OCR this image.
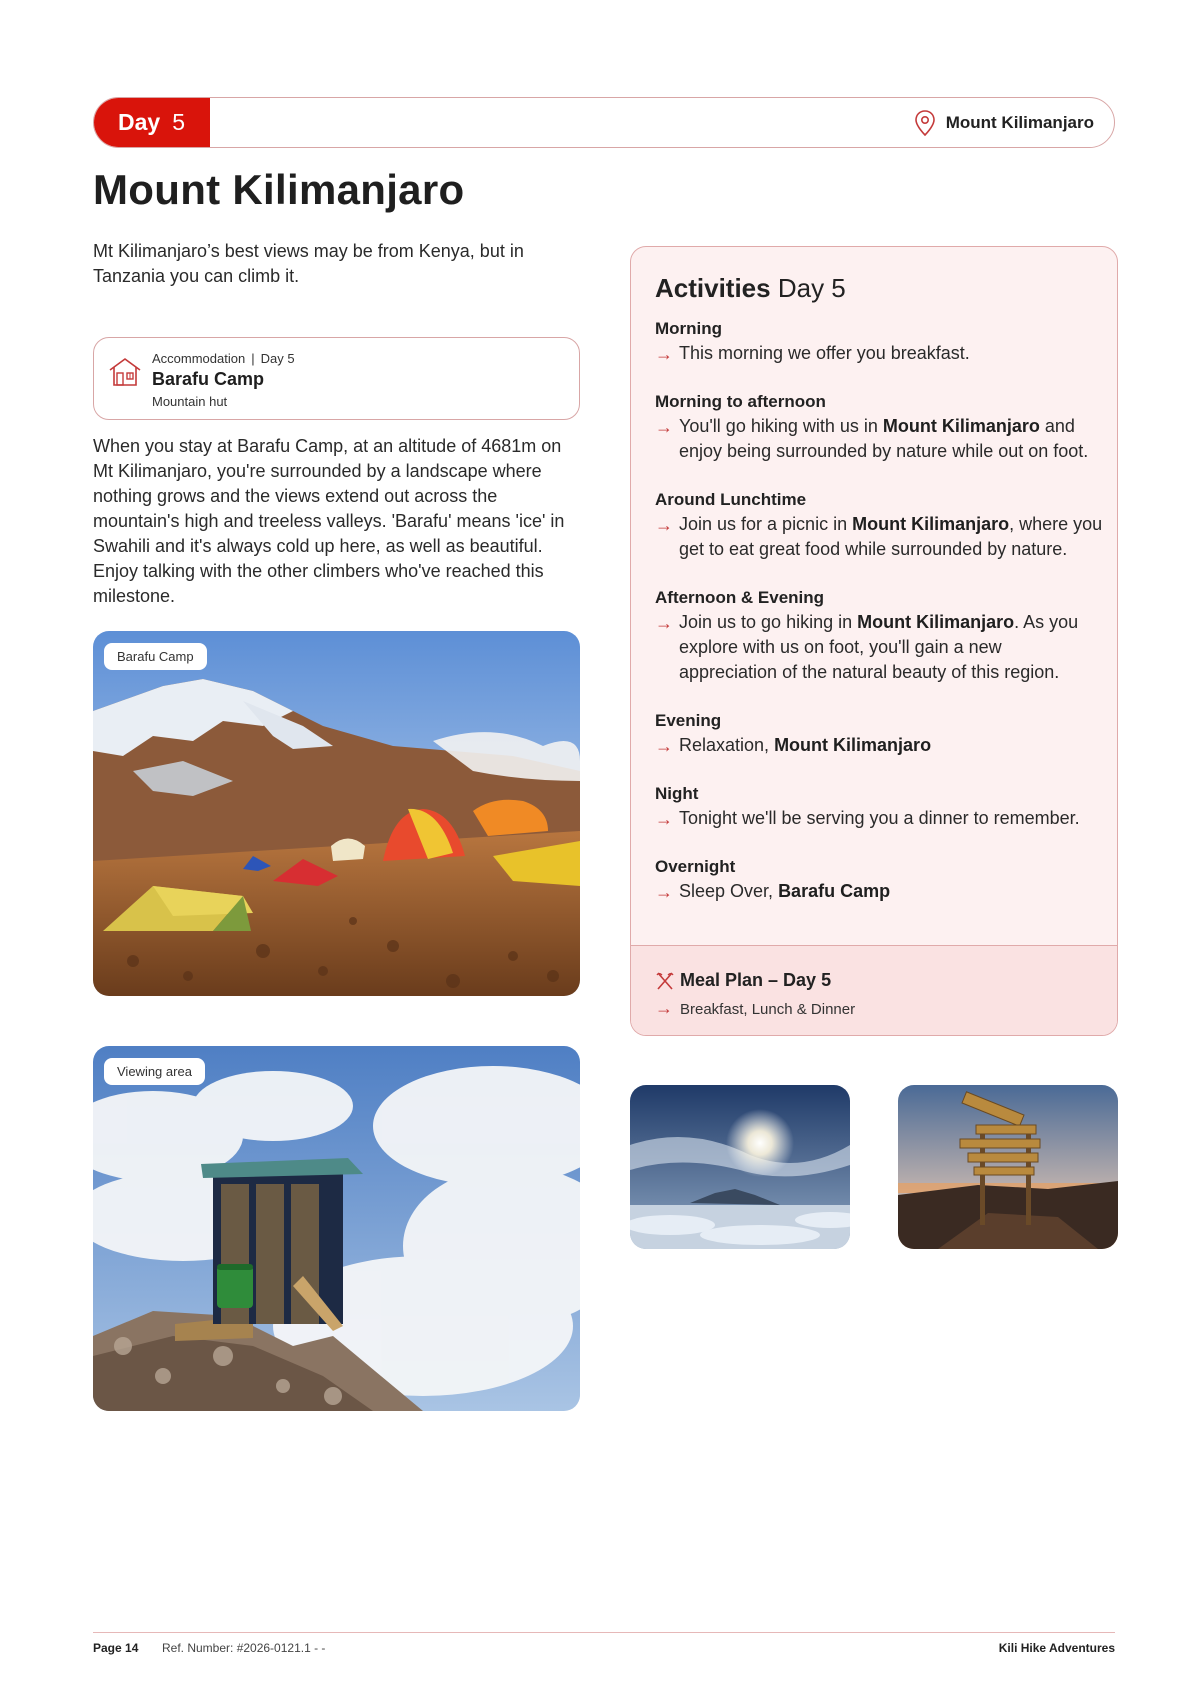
Day 5	Mount Kilimanjaro
Mount Kilimanjaro

Mt Kilimanjaro’s best views may be from Kenya, but in Tanzania you can climb it.

Accommodation | Day 5
Barafu Camp
Mountain hut

When you stay at Barafu Camp, at an altitude of 4681m on Mt Kilimanjaro, you're surrounded by a landscape where nothing grows and the views extend out across the mountain's high and treeless valleys. 'Barafu' means 'ice' in Swahili and it's always cold up here, as well as beautiful. Enjoy talking with the other climbers who've reached this milestone.

Barafu Camp
Viewing area
Activities Day 5
Morning
→ This morning we offer you breakfast.
Morning to afternoon
→ You'll go hiking with us in Mount Kilimanjaro and enjoy being surrounded by nature while out on foot.
Around Lunchtime
→ Join us for a picnic in Mount Kilimanjaro, where you get to eat great food while surrounded by nature.
Afternoon & Evening
→ Join us to go hiking in Mount Kilimanjaro. As you explore with us on foot, you'll gain a new appreciation of the natural beauty of this region.
Evening
→ Relaxation, Mount Kilimanjaro
Night
→ Tonight we'll be serving you a dinner to remember.
Overnight
→ Sleep Over, Barafu Camp
Meal Plan – Day 5
→ Breakfast, Lunch & Dinner
Page 14 Ref. Number: #2026-0121.1 - -	Kili Hike Adventures
